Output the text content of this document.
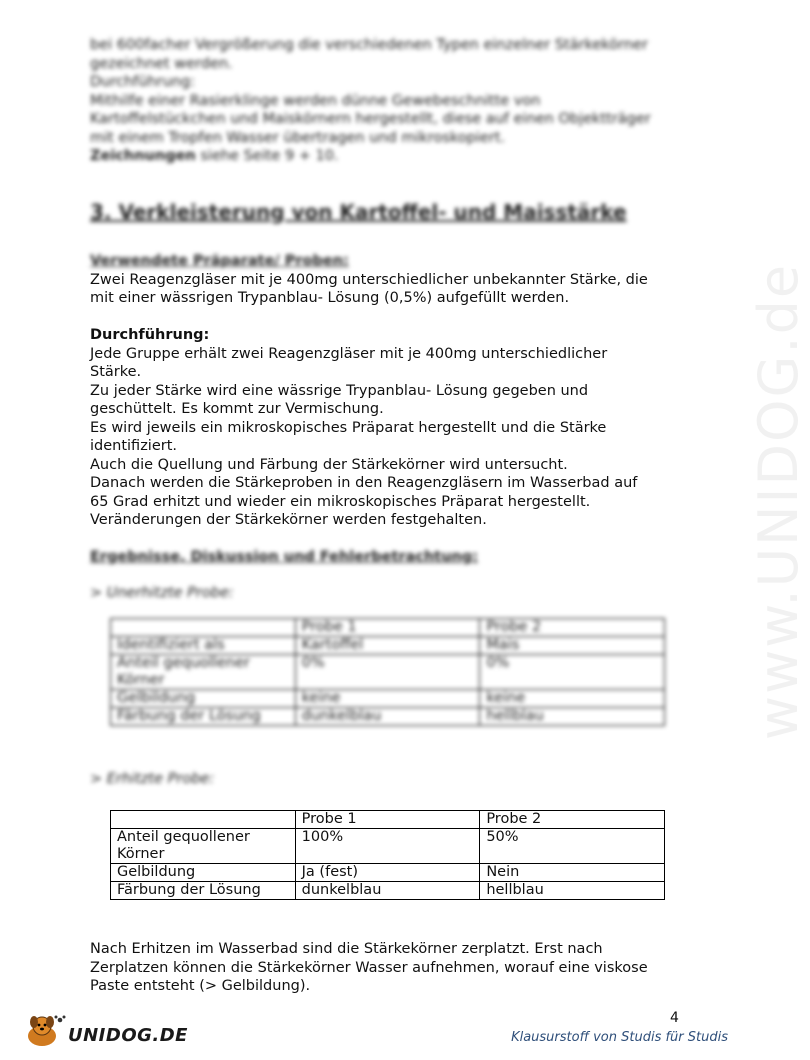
www.UNIDOG.de
bei 600facher Vergrößerung die verschiedenen Typen einzelner Stärkekörner
gezeichnet werden.
Durchführung:
Mithilfe einer Rasierklinge werden dünne Gewebeschnitte von
Kartoffelstückchen und Maiskörnern hergestellt, diese auf einen Objektträger
mit einem Tropfen Wasser übertragen und mikroskopiert.
Zeichnungen siehe Seite 9 + 10.
3. Verkleisterung von Kartoffel- und Maisstärke
Verwendete Präparate/ Proben:
Zwei Reagenzgläser mit je 400mg unterschiedlicher unbekannter Stärke, die
mit einer wässrigen Trypanblau- Lösung (0,5%) aufgefüllt werden.
Durchführung:
Jede Gruppe erhält zwei Reagenzgläser mit je 400mg unterschiedlicher
Stärke.
Zu jeder Stärke wird eine wässrige Trypanblau- Lösung gegeben und
geschüttelt. Es kommt zur Vermischung.
Es wird jeweils ein mikroskopisches Präparat hergestellt und die Stärke
identifiziert.
Auch die Quellung und Färbung der Stärkekörner wird untersucht.
Danach werden die Stärkeproben in den Reagenzgläsern im Wasserbad auf
65 Grad erhitzt und wieder ein mikroskopisches Präparat hergestellt.
Veränderungen der Stärkekörner werden festgehalten.
Ergebnisse, Diskussion und Fehlerbetrachtung:
> Unerhitzte Probe:
	Probe 1	Probe 2
Identifiziert als	Kartoffel	Mais
Anteil gequollener Körner	0%	0%
Gelbildung	keine	keine
Färbung der Lösung	dunkelblau	hellblau
> Erhitzte Probe:
	Probe 1	Probe 2
Anteil gequollener Körner	100%	50%
Gelbildung	Ja (fest)	Nein
Färbung der Lösung	dunkelblau	hellblau
Nach Erhitzen im Wasserbad sind die Stärkekörner zerplatzt. Erst nach
Zerplatzen können die Stärkekörner Wasser aufnehmen, worauf eine viskose
Paste entsteht (> Gelbildung).
UNIDOG.DE
4
Klausurstoff von Studis für Studis
